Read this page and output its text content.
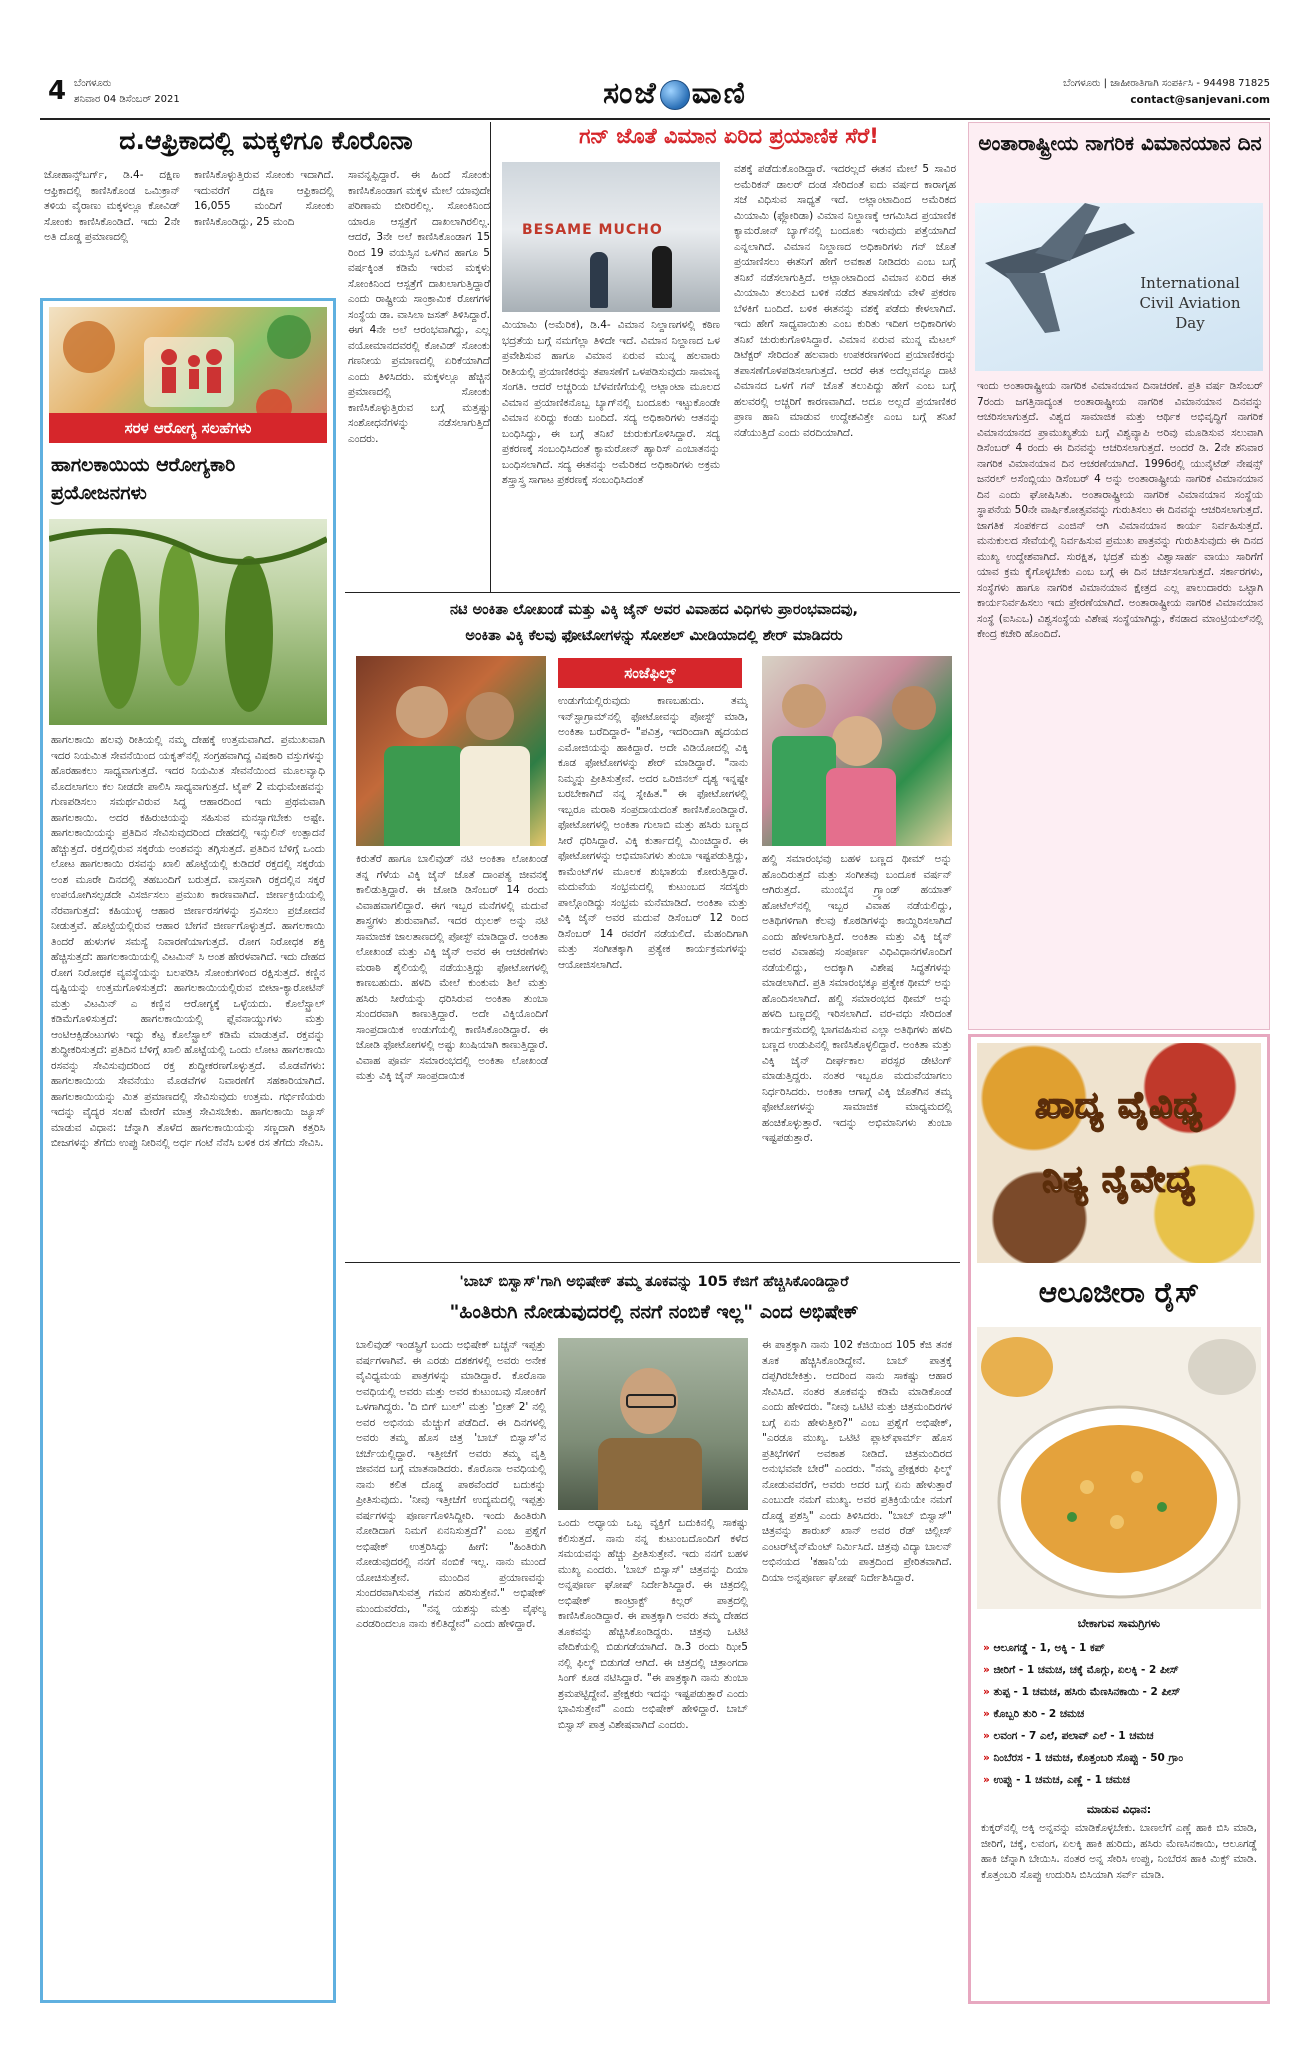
4 ಬೆಂಗಳೂರು
ಶನಿವಾರ 04 ಡಿಸೆಂಬರ್ 2021	ಸಂಜೆ ವಾಣಿ	ಬೆಂಗಳೂರು | ಜಾಹೀರಾತಿಗಾಗಿ ಸಂಪರ್ಕಿಸಿ - 94498 71825
contact@sanjevani.com
ದ.ಆಫ್ರಿಕಾದಲ್ಲಿ ಮಕ್ಕಳಿಗೂ ಕೊರೊನಾ
ಜೋಹಾನ್ಸ್‌ಬರ್ಗ್, ಡಿ.4- ದಕ್ಷಿಣ ಆಫ್ರಿಕಾದಲ್ಲಿ ಕಾಣಿಸಿಕೊಂಡ ಒಮಿಕ್ರಾನ್ ತಳಿಯ ವೈರಾಣು ಮಕ್ಕಳಲ್ಲೂ ಕೋವಿಡ್ ಸೋಂಕು ಕಾಣಿಸಿಕೊಂಡಿದೆ. ಇದು 2ನೇ ಅತಿ ದೊಡ್ಡ ಪ್ರಮಾಣದಲ್ಲಿ
ಕಾಣಿಸಿಕೊಳ್ಳುತ್ತಿರುವ ಸೋಂಕು ಇದಾಗಿದೆ. ಇದುವರೆಗೆ ದಕ್ಷಿಣ ಆಫ್ರಿಕಾದಲ್ಲಿ 16,055 ಮಂದಿಗೆ ಸೋಂಕು ಕಾಣಿಸಿಕೊಂಡಿದ್ದು, 25 ಮಂದಿ
ಸಾವನ್ನಪ್ಪಿದ್ದಾರೆ. ಈ ಹಿಂದೆ ಸೋಂಕು ಕಾಣಿಸಿಕೊಂಡಾಗ ಮಕ್ಕಳ ಮೇಲೆ ಯಾವುದೇ ಪರಿಣಾಮ ಬೀರಿರಲಿಲ್ಲ. ಸೋಂಕಿನಿಂದ ಯಾರೂ ಆಸ್ಪತ್ರೆಗೆ ದಾಖಲಾಗಿರಲಿಲ್ಲ. ಆದರೆ, 3ನೇ ಅಲೆ ಕಾಣಿಸಿಕೊಂಡಾಗ 15 ರಿಂದ 19 ವಯಸ್ಸಿನ ಒಳಗಿನ ಹಾಗೂ 5 ವರ್ಷಕ್ಕಿಂತ ಕಡಿಮೆ ಇರುವ ಮಕ್ಕಳು ಸೋಂಕಿನಿಂದ ಆಸ್ಪತ್ರೆಗೆ ದಾಖಲಾಗುತ್ತಿದ್ದಾರೆ ಎಂದು ರಾಷ್ಟ್ರೀಯ ಸಾಂಕ್ರಾಮಿಕ ರೋಗಗಳ ಸಂಸ್ಥೆಯ ಡಾ. ವಾಸಿಲಾ ಜಸತ್ ತಿಳಿಸಿದ್ದಾರೆ. ಈಗ 4ನೇ ಅಲೆ ಆರಂಭವಾಗಿದ್ದು, ಎಲ್ಲ ವಯೋಮಾನದವರಲ್ಲಿ ಕೋವಿಡ್ ಸೋಂಕು ಗಣನೀಯ ಪ್ರಮಾಣದಲ್ಲಿ ಏರಿಕೆಯಾಗಿದೆ ಎಂದು ತಿಳಿಸಿದರು. ಮಕ್ಕಳಲ್ಲೂ ಹೆಚ್ಚಿನ ಪ್ರಮಾಣದಲ್ಲಿ ಸೋಂಕು ಕಾಣಿಸಿಕೊಳ್ಳುತ್ತಿರುವ ಬಗ್ಗೆ ಮತ್ತಷ್ಟು ಸಂಶೋಧನೆಗಳನ್ನು ನಡೆಸಲಾಗುತ್ತಿದೆ ಎಂದರು.
ಸರಳ ಆರೋಗ್ಯ ಸಲಹೆಗಳು
ಹಾಗಲಕಾಯಿಯ ಆರೋಗ್ಯಕಾರಿ ಪ್ರಯೋಜನಗಳು
ಹಾಗಲಕಾಯಿ ಹಲವು ರೀತಿಯಲ್ಲಿ ನಮ್ಮ ದೇಹಕ್ಕೆ ಉತ್ತಮವಾಗಿದೆ. ಪ್ರಮುಖವಾಗಿ ಇದರ ನಿಯಮಿತ ಸೇವನೆಯಿಂದ ಯಕೃತ್‌ನಲ್ಲಿ ಸಂಗ್ರಹವಾಗಿದ್ದ ವಿಷಕಾರಿ ವಸ್ತುಗಳನ್ನು ಹೊರಹಾಕಲು ಸಾಧ್ಯವಾಗುತ್ತದೆ. ಇದರ ನಿಯಮಿತ ಸೇವನೆಯಿಂದ ಮೂಲವ್ಯಾಧಿ ಮೊದಲಾಗಲು ಕಲ ನೀಡದೇ ಪಾಲಿಸಿ ಸಾಧ್ಯವಾಗುತ್ತದೆ. ಟೈಪ್ 2 ಮಧುಮೇಹವನ್ನು ಗುಣಪಡಿಸಲು ಸಮರ್ಥವಿರುವ ಸಿದ್ಧ ಆಹಾರದಿಂದ ಇದು ಪ್ರಥಮವಾಗಿ ಹಾಗಲಕಾಯಿ. ಅದರ ಕಹಿರುಚಿಯನ್ನು ಸಹಿಸುವ ಮನಸ್ಸಾಗಬೇಕು ಅಷ್ಟೇ. ಹಾಗಲಕಾಯಿಯನ್ನು ಪ್ರತಿದಿನ ಸೇವಿಸುವುದರಿಂದ ದೇಹದಲ್ಲಿ ಇನ್ಸುಲಿನ್ ಉತ್ಪಾದನೆ ಹೆಚ್ಚುತ್ತದೆ. ರಕ್ತದಲ್ಲಿರುವ ಸಕ್ಕರೆಯ ಅಂಶವನ್ನು ತಗ್ಗಿಸುತ್ತದೆ. ಪ್ರತಿದಿನ ಬೆಳಿಗ್ಗೆ ಒಂದು ಲೋಟ ಹಾಗಲಕಾಯಿ ರಸವನ್ನು ಖಾಲಿ ಹೊಟ್ಟೆಯಲ್ಲಿ ಕುಡಿದರೆ ರಕ್ತದಲ್ಲಿ ಸಕ್ಕರೆಯ ಅಂಶ ಮೂರೇ ದಿನದಲ್ಲಿ ತಹಬಂದಿಗೆ ಬರುತ್ತದೆ. ವಾಸ್ತವಾಗಿ ರಕ್ತದಲ್ಲಿನ ಸಕ್ಕರೆ ಉಪಯೋಗಿಸಲ್ಪಡದೇ ವಿಸರ್ಜಿಸಲು ಪ್ರಮುಖ ಕಾರಣವಾಗಿದೆ. ಜೀರ್ಣಕ್ರಿಯೆಯಲ್ಲಿ ನೆರವಾಗುತ್ತದೆ: ಕಹಿಯುಳ್ಳ ಆಹಾರ ಜೀರ್ಣರಸಗಳನ್ನು ಸ್ರವಿಸಲು ಪ್ರಚೋದನೆ ನೀಡುತ್ತವೆ. ಹೊಟ್ಟೆಯಲ್ಲಿರುವ ಆಹಾರ ಬೇಗನೆ ಜೀರ್ಣಗೊಳ್ಳುತ್ತದೆ. ಹಾಗಲಕಾಯಿ ತಿಂದರೆ ಹುಳುಗಳ ಸಮಸ್ಯೆ ನಿವಾರಣೆಯಾಗುತ್ತದೆ. ರೋಗ ನಿರೋಧಕ ಶಕ್ತಿ ಹೆಚ್ಚಿಸುತ್ತದೆ: ಹಾಗಲಕಾಯಿಯಲ್ಲಿ ವಿಟಮಿನ್ ಸಿ ಅಂಶ ಹೇರಳವಾಗಿದೆ. ಇದು ದೇಹದ ರೋಗ ನಿರೋಧಕ ವ್ಯವಸ್ಥೆಯನ್ನು ಬಲಪಡಿಸಿ ಸೋಂಕುಗಳಿಂದ ರಕ್ಷಿಸುತ್ತದೆ. ಕಣ್ಣಿನ ದೃಷ್ಟಿಯನ್ನು ಉತ್ತಮಗೊಳಿಸುತ್ತದೆ: ಹಾಗಲಕಾಯಿಯಲ್ಲಿರುವ ಬೀಟಾ-ಕ್ಯಾರೋಟಿನ್ ಮತ್ತು ವಿಟಮಿನ್ ಎ ಕಣ್ಣಿನ ಆರೋಗ್ಯಕ್ಕೆ ಒಳ್ಳೆಯದು. ಕೊಲೆಸ್ಟ್ರಾಲ್ ಕಡಿಮೆಗೊಳಿಸುತ್ತದೆ: ಹಾಗಲಕಾಯಿಯಲ್ಲಿ ಫ್ಲೆವನಾಯ್ಡುಗಳು ಮತ್ತು ಆಂಟಿಆಕ್ಸಿಡೆಂಟುಗಳು ಇದ್ದು ಕೆಟ್ಟ ಕೊಲೆಸ್ಟ್ರಾಲ್ ಕಡಿಮೆ ಮಾಡುತ್ತವೆ. ರಕ್ತವನ್ನು ಶುದ್ಧೀಕರಿಸುತ್ತದೆ: ಪ್ರತಿದಿನ ಬೆಳಿಗ್ಗೆ ಖಾಲಿ ಹೊಟ್ಟೆಯಲ್ಲಿ ಒಂದು ಲೋಟ ಹಾಗಲಕಾಯಿ ರಸವನ್ನು ಸೇವಿಸುವುದರಿಂದ ರಕ್ತ ಶುದ್ಧೀಕರಣಗೊಳ್ಳುತ್ತದೆ. ಮೊಡವೆಗಳು: ಹಾಗಲಕಾಯಿಯ ಸೇವನೆಯು ಮೊಡವೆಗಳ ನಿವಾರಣೆಗೆ ಸಹಕಾರಿಯಾಗಿದೆ. ಹಾಗಲಕಾಯಿಯನ್ನು ಮಿತ ಪ್ರಮಾಣದಲ್ಲಿ ಸೇವಿಸುವುದು ಉತ್ತಮ. ಗರ್ಭಿಣಿಯರು ಇದನ್ನು ವೈದ್ಯರ ಸಲಹೆ ಮೇರೆಗೆ ಮಾತ್ರ ಸೇವಿಸಬೇಕು. ಹಾಗಲಕಾಯಿ ಜ್ಯೂಸ್ ಮಾಡುವ ವಿಧಾನ: ಚೆನ್ನಾಗಿ ತೊಳೆದ ಹಾಗಲಕಾಯಿಯನ್ನು ಸಣ್ಣದಾಗಿ ಕತ್ತರಿಸಿ ಬೀಜಗಳನ್ನು ತೆಗೆದು ಉಪ್ಪು ನೀರಿನಲ್ಲಿ ಅರ್ಧ ಗಂಟೆ ನೆನೆಸಿ ಬಳಿಕ ರಸ ತೆಗೆದು ಸೇವಿಸಿ.
ಗನ್ ಜೊತೆ ವಿಮಾನ ಏರಿದ ಪ್ರಯಾಣಿಕ ಸೆರೆ!
BESAME MUCHO
ಮಿಯಾಮಿ (ಅಮೆರಿಕ), ಡಿ.4- ವಿಮಾನ ನಿಲ್ದಾಣಗಳಲ್ಲಿ ಕಠಿಣ ಭದ್ರತೆಯ ಬಗ್ಗೆ ನಮಗೆಲ್ಲಾ ತಿಳಿದೇ ಇದೆ. ವಿಮಾನ ನಿಲ್ದಾಣದ ಒಳ ಪ್ರವೇಶಿಸುವ ಹಾಗೂ ವಿಮಾನ ಏರುವ ಮುನ್ನ ಹಲವಾರು ರೀತಿಯಲ್ಲಿ ಪ್ರಯಾಣಿಕರನ್ನು ತಪಾಸಣೆಗೆ ಒಳಪಡಿಸುವುದು ಸಾಮಾನ್ಯ ಸಂಗತಿ. ಆದರೆ ಅಚ್ಚರಿಯ ಬೆಳವಣಿಗೆಯಲ್ಲಿ ಅಟ್ಲಾಂಟಾ ಮೂಲದ ವಿಮಾನ ಪ್ರಯಾಣಿಕನೊಬ್ಬ ಬ್ಯಾಗ್‌ನಲ್ಲಿ ಬಂದೂಕು ಇಟ್ಟುಕೊಂಡೇ ವಿಮಾನ ಏರಿದ್ದು ಕಂಡು ಬಂದಿದೆ. ಸದ್ಯ ಅಧಿಕಾರಿಗಳು ಆತನನ್ನು ಬಂಧಿಸಿದ್ದು, ಈ ಬಗ್ಗೆ ತನಿಖೆ ಚುರುಕುಗೊಳಿಸಿದ್ದಾರೆ. ಸದ್ಯ ಪ್ರಕರಣಕ್ಕೆ ಸಂಬಂಧಿಸಿದಂತೆ ಕ್ಯಾಮರೋನ್ ಹ್ಯಾರಿಸ್ ಎಂಬಾತನನ್ನು ಬಂಧಿಸಲಾಗಿದೆ. ಸದ್ಯ ಈತನನ್ನು ಅಮೆರಿಕದ ಅಧಿಕಾರಿಗಳು ಅಕ್ರಮ ಶಸ್ತ್ರಾಸ್ತ್ರ ಸಾಗಾಟ ಪ್ರಕರಣಕ್ಕೆ ಸಂಬಂಧಿಸಿದಂತೆ
ವಶಕ್ಕೆ ಪಡೆದುಕೊಂಡಿದ್ದಾರೆ. ಇದರಲ್ಲದೆ ಈತನ ಮೇಲೆ 5 ಸಾವಿರ ಅಮೆರಿಕನ್ ಡಾಲರ್ ದಂಡ ಸೇರಿದಂತೆ ಐದು ವರ್ಷದ ಕಾರಾಗೃಹ ಸಜೆ ವಿಧಿಸುವ ಸಾಧ್ಯತೆ ಇದೆ. ಅಟ್ಲಾಂಟಾದಿಂದ ಅಮೆರಿಕದ ಮಿಯಾಮಿ (ಫ್ಲೋರಿಡಾ) ವಿಮಾನ ನಿಲ್ದಾಣಕ್ಕೆ ಆಗಮಿಸಿದ ಪ್ರಯಾಣಿಕ ಕ್ಯಾಮರೋನ್ ಬ್ಯಾಗ್‌ನಲ್ಲಿ ಬಂದೂಕು ಇರುವುದು ಪತ್ತೆಯಾಗಿದೆ ಎನ್ನಲಾಗಿದೆ. ವಿಮಾನ ನಿಲ್ದಾಣದ ಅಧಿಕಾರಿಗಳು ಗನ್ ಜೊತೆ ಪ್ರಯಾಣಿಸಲು ಈತನಿಗೆ ಹೇಗೆ ಅವಕಾಶ ನೀಡಿದರು ಎಂಬ ಬಗ್ಗೆ ತನಿಖೆ ನಡೆಸಲಾಗುತ್ತಿದೆ. ಅಟ್ಲಾಂಟಾದಿಂದ ವಿಮಾನ ಏರಿದ ಈತ ಮಿಯಾಮಿ ತಲುಪಿದ ಬಳಿಕ ನಡೆದ ತಪಾಸಣೆಯ ವೇಳೆ ಪ್ರಕರಣ ಬೆಳಕಿಗೆ ಬಂದಿದೆ. ಬಳಿಕ ಈತನನ್ನು ವಶಕ್ಕೆ ಪಡೆದು ಕೇಳಲಾಗಿದೆ. ಇದು ಹೇಗೆ ಸಾಧ್ಯವಾಯಿತು ಎಂಬ ಕುರಿತು ಇದೀಗ ಅಧಿಕಾರಿಗಳು ತನಿಖೆ ಚುರುಕುಗೊಳಿಸಿದ್ದಾರೆ. ವಿಮಾನ ಏರುವ ಮುನ್ನ ಮೆಟಲ್ ಡಿಟೆಕ್ಟರ್ ಸೇರಿದಂತೆ ಹಲವಾರು ಉಪಕರಣಗಳಿಂದ ಪ್ರಯಾಣಿಕರನ್ನು ತಪಾಸಣೆಗೊಳಪಡಿಸಲಾಗುತ್ತದೆ. ಆದರೆ ಈತ ಅದೆಲ್ಲವನ್ನೂ ದಾಟಿ ವಿಮಾನದ ಒಳಗೆ ಗನ್ ಜೊತೆ ತಲುಪಿದ್ದು ಹೇಗೆ ಎಂಬ ಬಗ್ಗೆ ಹಲವರಲ್ಲಿ ಅಚ್ಚರಿಗೆ ಕಾರಣವಾಗಿದೆ. ಅದೂ ಅಲ್ಲದೆ ಪ್ರಯಾಣಿಕರ ಪ್ರಾಣ ಹಾನಿ ಮಾಡುವ ಉದ್ದೇಶವಿತ್ತೇ ಎಂಬ ಬಗ್ಗೆ ತನಿಖೆ ನಡೆಯುತ್ತಿದೆ ಎಂದು ವರದಿಯಾಗಿದೆ.
ಅಂತಾರಾಷ್ಟ್ರೀಯ ನಾಗರಿಕ ವಿಮಾನಯಾನ ದಿನ
International Civil Aviation Day
ಇಂದು ಅಂತಾರಾಷ್ಟ್ರೀಯ ನಾಗರಿಕ ವಿಮಾನಯಾನ ದಿನಾಚರಣೆ. ಪ್ರತಿ ವರ್ಷ ಡಿಸೆಂಬರ್ 7ರಂದು ಜಗತ್ತಿನಾದ್ಯಂತ ಅಂತಾರಾಷ್ಟ್ರೀಯ ನಾಗರಿಕ ವಿಮಾನಯಾನ ದಿನವನ್ನು ಆಚರಿಸಲಾಗುತ್ತದೆ. ವಿಶ್ವದ ಸಾಮಾಜಿಕ ಮತ್ತು ಆರ್ಥಿಕ ಅಭಿವೃದ್ಧಿಗೆ ನಾಗರಿಕ ವಿಮಾನಯಾನದ ಪ್ರಾಮುಖ್ಯತೆಯ ಬಗ್ಗೆ ವಿಶ್ವವ್ಯಾಪಿ ಅರಿವು ಮೂಡಿಸುವ ಸಲುವಾಗಿ ಡಿಸೆಂಬರ್ 4 ರಂದು ಈ ದಿನವನ್ನು ಆಚರಿಸಲಾಗುತ್ತದೆ. ಅಂದರೆ ಡಿ. 2ನೇ ಶನಿವಾರ ನಾಗರಿಕ ವಿಮಾನಯಾನ ದಿನ ಆಚರಣೆಯಾಗಿದೆ. 1996ರಲ್ಲಿ ಯುನೈಟೆಡ್ ನೇಷನ್ಸ್ ಜನರಲ್ ಅಸೆಂಬ್ಲಿಯು ಡಿಸೆಂಬರ್ 4 ಅನ್ನು ಅಂತಾರಾಷ್ಟ್ರೀಯ ನಾಗರಿಕ ವಿಮಾನಯಾನ ದಿನ ಎಂದು ಘೋಷಿಸಿತು. ಅಂತಾರಾಷ್ಟ್ರೀಯ ನಾಗರಿಕ ವಿಮಾನಯಾನ ಸಂಸ್ಥೆಯ ಸ್ಥಾಪನೆಯ 50ನೇ ವಾರ್ಷಿಕೋತ್ಸವವನ್ನು ಗುರುತಿಸಲು ಈ ದಿನವನ್ನು ಆಚರಿಸಲಾಗುತ್ತದೆ. ಜಾಗತಿಕ ಸಂಪರ್ಕದ ಎಂಜಿನ್ ಆಗಿ ವಿಮಾನಯಾನ ಕಾರ್ಯ ನಿರ್ವಹಿಸುತ್ತದೆ. ಮನುಕುಲದ ಸೇವೆಯಲ್ಲಿ ನಿರ್ವಹಿಸುವ ಪ್ರಮುಖ ಪಾತ್ರವನ್ನು ಗುರುತಿಸುವುದು ಈ ದಿನದ ಮುಖ್ಯ ಉದ್ದೇಶವಾಗಿದೆ. ಸುರಕ್ಷಿತ, ಭದ್ರತೆ ಮತ್ತು ವಿಶ್ವಾಸಾರ್ಹ ವಾಯು ಸಾರಿಗೆಗೆ ಯಾವ ಕ್ರಮ ಕೈಗೊಳ್ಳಬೇಕು ಎಂಬ ಬಗ್ಗೆ ಈ ದಿನ ಚರ್ಚಿಸಲಾಗುತ್ತದೆ. ಸರ್ಕಾರಗಳು, ಸಂಸ್ಥೆಗಳು ಹಾಗೂ ನಾಗರಿಕ ವಿಮಾನಯಾನ ಕ್ಷೇತ್ರದ ಎಲ್ಲ ಪಾಲುದಾರರು ಒಟ್ಟಾಗಿ ಕಾರ್ಯನಿರ್ವಹಿಸಲು ಇದು ಪ್ರೇರಣೆಯಾಗಿದೆ. ಅಂತಾರಾಷ್ಟ್ರೀಯ ನಾಗರಿಕ ವಿಮಾನಯಾನ ಸಂಸ್ಥೆ (ಐಸಿಎಒ) ವಿಶ್ವಸಂಸ್ಥೆಯ ವಿಶೇಷ ಸಂಸ್ಥೆಯಾಗಿದ್ದು, ಕೆನಡಾದ ಮಾಂಟ್ರಿಯಲ್‌ನಲ್ಲಿ ಕೇಂದ್ರ ಕಚೇರಿ ಹೊಂದಿದೆ.
ನಟಿ ಅಂಕಿತಾ ಲೋಖಂಡೆ ಮತ್ತು ವಿಕ್ಕಿ ಜೈನ್ ಅವರ ವಿವಾಹದ ವಿಧಿಗಳು ಪ್ರಾರಂಭವಾದವು,
ಅಂಕಿತಾ ವಿಕ್ಕಿ ಕೆಲವು ಫೋಟೋಗಳನ್ನು ಸೋಶಲ್ ಮೀಡಿಯಾದಲ್ಲಿ ಶೇರ್ ಮಾಡಿದರು
ಸಂಜೆಫಿಲ್ಮ್
ಕಿರುತೆರೆ ಹಾಗೂ ಬಾಲಿವುಡ್ ನಟಿ ಅಂಕಿತಾ ಲೋಖಂಡೆ ತನ್ನ ಗೆಳೆಯ ವಿಕ್ಕಿ ಜೈನ್ ಜೊತೆ ದಾಂಪತ್ಯ ಜೀವನಕ್ಕೆ ಕಾಲಿಡುತ್ತಿದ್ದಾರೆ. ಈ ಜೋಡಿ ಡಿಸೆಂಬರ್ 14 ರಂದು ವಿವಾಹವಾಗಲಿದ್ದಾರೆ. ಈಗ ಇಬ್ಬರ ಮನೆಗಳಲ್ಲಿ ಮದುವೆ ಶಾಸ್ತ್ರಗಳು ಶುರುವಾಗಿವೆ. ಇದರ ಝಲಕ್ ಅನ್ನು ನಟಿ ಸಾಮಾಜಿಕ ಜಾಲತಾಣದಲ್ಲಿ ಪೋಸ್ಟ್ ಮಾಡಿದ್ದಾರೆ. ಅಂಕಿತಾ ಲೋಖಂಡೆ ಮತ್ತು ವಿಕ್ಕಿ ಜೈನ್ ಅವರ ಈ ಆಚರಣೆಗಳು ಮರಾಠಿ ಶೈಲಿಯಲ್ಲಿ ನಡೆಯುತ್ತಿದ್ದು ಫೋಟೋಗಳಲ್ಲಿ ಕಾಣಬಹುದು. ಹಳದಿ ಮೇಲೆ ಕುಂಕುಮ ಶಿಲೆ ಮತ್ತು ಹಸಿರು ಸೀರೆಯನ್ನು ಧರಿಸಿರುವ ಅಂಕಿತಾ ತುಂಬಾ ಸುಂದರವಾಗಿ ಕಾಣುತ್ತಿದ್ದಾರೆ. ಅದೇ ವಿಕ್ಕಿಯೊಂದಿಗೆ ಸಾಂಪ್ರದಾಯಿಕ ಉಡುಗೆಯಲ್ಲಿ ಕಾಣಿಸಿಕೊಂಡಿದ್ದಾರೆ. ಈ ಜೋಡಿ ಫೋಟೋಗಳಲ್ಲಿ ಅಷ್ಟು ಖುಷಿಯಾಗಿ ಕಾಣುತ್ತಿದ್ದಾರೆ. ವಿವಾಹ ಪೂರ್ವ ಸಮಾರಂಭದಲ್ಲಿ ಅಂಕಿತಾ ಲೋಖಂಡೆ ಮತ್ತು ವಿಕ್ಕಿ ಜೈನ್ ಸಾಂಪ್ರದಾಯಿಕ
ಉಡುಗೆಯಲ್ಲಿರುವುದು ಕಾಣಬಹುದು. ತಮ್ಮ ಇನ್‌ಸ್ಟಾಗ್ರಾಮ್‌ನಲ್ಲಿ ಫೋಟೋವನ್ನು ಪೋಸ್ಟ್ ಮಾಡಿ, ಅಂಕಿತಾ ಬರೆದಿದ್ದಾರೆ- "ಪವಿತ್ರ, ಇದರಿಂದಾಗಿ ಹೃದಯದ ಎಮೋಜಿಯನ್ನು ಹಾಕಿದ್ದಾರೆ. ಅದೇ ವಿಡಿಯೋದಲ್ಲಿ ವಿಕ್ಕಿ ಕೂಡ ಫೋಟೋಗಳನ್ನು ಶೇರ್ ಮಾಡಿದ್ದಾರೆ. "ನಾನು ನಿಮ್ಮನ್ನು ಪ್ರೀತಿಸುತ್ತೇನೆ. ಅದರ ಒರಿಜಿನಲ್ ದೃಶ್ಯ ಇನ್ನಷ್ಟೇ ಬರಬೇಕಾಗಿದೆ ನನ್ನ ಸ್ನೇಹಿತ." ಈ ಫೋಟೋಗಳಲ್ಲಿ ಇಬ್ಬರೂ ಮರಾಠಿ ಸಂಪ್ರದಾಯದಂತೆ ಕಾಣಿಸಿಕೊಂಡಿದ್ದಾರೆ. ಫೋಟೋಗಳಲ್ಲಿ ಅಂಕಿತಾ ಗುಲಾಬಿ ಮತ್ತು ಹಸಿರು ಬಣ್ಣದ ಸೀರೆ ಧರಿಸಿದ್ದಾರೆ. ವಿಕ್ಕಿ ಕುರ್ತಾದಲ್ಲಿ ಮಿಂಚಿದ್ದಾರೆ. ಈ ಫೋಟೋಗಳನ್ನು ಅಭಿಮಾನಿಗಳು ತುಂಬಾ ಇಷ್ಟಪಡುತ್ತಿದ್ದು, ಕಾಮೆಂಟ್‌ಗಳ ಮೂಲಕ ಶುಭಾಶಯ ಕೋರುತ್ತಿದ್ದಾರೆ. ಮದುವೆಯ ಸಂಭ್ರಮದಲ್ಲಿ ಕುಟುಂಬದ ಸದಸ್ಯರು ಪಾಲ್ಗೊಂಡಿದ್ದು ಸಂಭ್ರಮ ಮನೆಮಾಡಿದೆ. ಅಂಕಿತಾ ಮತ್ತು ವಿಕ್ಕಿ ಜೈನ್ ಅವರ ಮದುವೆ ಡಿಸೆಂಬರ್ 12 ರಿಂದ ಡಿಸೆಂಬರ್ 14 ರವರೆಗೆ ನಡೆಯಲಿದೆ. ಮೆಹಂದಿಗಾಗಿ ಮತ್ತು ಸಂಗೀತಕ್ಕಾಗಿ ಪ್ರತ್ಯೇಕ ಕಾರ್ಯಕ್ರಮಗಳನ್ನು ಆಯೋಜಿಸಲಾಗಿದೆ.
ಹಲ್ದಿ ಸಮಾರಂಭವು ಬಹಳ ಬಣ್ಣದ ಥೀಮ್ ಅನ್ನು ಹೊಂದಿರುತ್ತದೆ ಮತ್ತು ಸಂಗೀತವು ಬಂದೂಕ ವರ್ಷನ್ ಆಗಿರುತ್ತದೆ. ಮುಂಬೈನ ಗ್ರ್ಯಾಂಡ್ ಹಯಾತ್ ಹೋಟೆಲ್‌ನಲ್ಲಿ ಇಬ್ಬರ ವಿವಾಹ ನಡೆಯಲಿದ್ದು, ಅತಿಥಿಗಳಿಗಾಗಿ ಕೆಲವು ಕೊಠಡಿಗಳನ್ನು ಕಾಯ್ದಿರಿಸಲಾಗಿದೆ ಎಂದು ಹೇಳಲಾಗುತ್ತಿದೆ. ಅಂಕಿತಾ ಮತ್ತು ವಿಕ್ಕಿ ಜೈನ್ ಅವರ ವಿವಾಹವು ಸಂಪೂರ್ಣ ವಿಧಿವಿಧಾನಗಳೊಂದಿಗೆ ನಡೆಯಲಿದ್ದು, ಅದಕ್ಕಾಗಿ ವಿಶೇಷ ಸಿದ್ಧತೆಗಳನ್ನು ಮಾಡಲಾಗಿದೆ. ಪ್ರತಿ ಸಮಾರಂಭಕ್ಕೂ ಪ್ರತ್ಯೇಕ ಥೀಮ್ ಅನ್ನು ಹೊಂದಿಸಲಾಗಿದೆ. ಹಲ್ದಿ ಸಮಾರಂಭದ ಥೀಮ್ ಅನ್ನು ಹಳದಿ ಬಣ್ಣದಲ್ಲಿ ಇರಿಸಲಾಗಿದೆ. ವರ-ವಧು ಸೇರಿದಂತೆ ಕಾರ್ಯಕ್ರಮದಲ್ಲಿ ಭಾಗವಹಿಸುವ ಎಲ್ಲಾ ಅತಿಥಿಗಳು ಹಳದಿ ಬಣ್ಣದ ಉಡುಪಿನಲ್ಲಿ ಕಾಣಿಸಿಕೊಳ್ಳಲಿದ್ದಾರೆ. ಅಂಕಿತಾ ಮತ್ತು ವಿಕ್ಕಿ ಜೈನ್ ದೀರ್ಘಕಾಲ ಪರಸ್ಪರ ಡೇಟಿಂಗ್ ಮಾಡುತ್ತಿದ್ದರು. ನಂತರ ಇಬ್ಬರೂ ಮದುವೆಯಾಗಲು ನಿರ್ಧರಿಸಿದರು. ಅಂಕಿತಾ ಆಗಾಗ್ಗೆ ವಿಕ್ಕಿ ಜೊತೆಗಿನ ತಮ್ಮ ಫೋಟೋಗಳನ್ನು ಸಾಮಾಜಿಕ ಮಾಧ್ಯಮದಲ್ಲಿ ಹಂಚಿಕೊಳ್ಳುತ್ತಾರೆ. ಇದನ್ನು ಅಭಿಮಾನಿಗಳು ತುಂಬಾ ಇಷ್ಟಪಡುತ್ತಾರೆ.
'ಬಾಬ್ ಬಿಸ್ವಾಸ್'ಗಾಗಿ ಅಭಿಷೇಕ್ ತಮ್ಮ ತೂಕವನ್ನು 105 ಕೆಜಿಗೆ ಹೆಚ್ಚಿಸಿಕೊಂಡಿದ್ದಾರೆ
"ಹಿಂತಿರುಗಿ ನೋಡುವುದರಲ್ಲಿ ನನಗೆ ನಂಬಿಕೆ ಇಲ್ಲ" ಎಂದ ಅಭಿಷೇಕ್
ಬಾಲಿವುಡ್ ಇಂಡಸ್ಟ್ರಿಗೆ ಬಂದು ಅಭಿಷೇಕ್ ಬಚ್ಚನ್ ಇಪ್ಪತ್ತು ವರ್ಷಗಳಾಗಿವೆ. ಈ ಎರಡು ದಶಕಗಳಲ್ಲಿ ಅವರು ಅನೇಕ ವೈವಿಧ್ಯಮಯ ಪಾತ್ರಗಳನ್ನು ಮಾಡಿದ್ದಾರೆ. ಕೊರೊನಾ ಅವಧಿಯಲ್ಲಿ ಅವರು ಮತ್ತು ಅವರ ಕುಟುಂಬವು ಸೋಂಕಿಗೆ ಒಳಗಾಗಿದ್ದರು. 'ದಿ ಬಿಗ್ ಬುಲ್' ಮತ್ತು 'ಬ್ರೀತ್ 2' ನಲ್ಲಿ ಅವರ ಅಭಿನಯ ಮೆಚ್ಚುಗೆ ಪಡೆದಿದೆ. ಈ ದಿನಗಳಲ್ಲಿ ಅವರು ತಮ್ಮ ಹೊಸ ಚಿತ್ರ 'ಬಾಬ್ ಬಿಸ್ವಾಸ್'ನ ಚರ್ಚೆಯಲ್ಲಿದ್ದಾರೆ. ಇತ್ತೀಚೆಗೆ ಅವರು ತಮ್ಮ ವೃತ್ತಿ ಜೀವನದ ಬಗ್ಗೆ ಮಾತನಾಡಿದರು. ಕೊರೊನಾ ಅವಧಿಯಲ್ಲಿ ನಾನು ಕಲಿತ ದೊಡ್ಡ ಪಾಠವೆಂದರೆ ಬದುಕನ್ನು ಪ್ರೀತಿಸುವುದು. 'ನೀವು ಇತ್ತೀಚೆಗೆ ಉದ್ಯಮದಲ್ಲಿ ಇಪ್ಪತ್ತು ವರ್ಷಗಳನ್ನು ಪೂರ್ಣಗೊಳಿಸಿದ್ದೀರಿ. ಇಂದು ಹಿಂತಿರುಗಿ ನೋಡಿದಾಗ ನಿಮಗೆ ಏನನಿಸುತ್ತದೆ?' ಎಂಬ ಪ್ರಶ್ನೆಗೆ ಅಭಿಷೇಕ್ ಉತ್ತರಿಸಿದ್ದು ಹೀಗೆ: "ಹಿಂತಿರುಗಿ ನೋಡುವುದರಲ್ಲಿ ನನಗೆ ನಂಬಿಕೆ ಇಲ್ಲ. ನಾನು ಮುಂದೆ ಯೋಚಿಸುತ್ತೇನೆ. ಮುಂದಿನ ಪ್ರಯಾಣವನ್ನು ಸುಂದರವಾಗಿಸುವತ್ತ ಗಮನ ಹರಿಸುತ್ತೇನೆ." ಅಭಿಷೇಕ್ ಮುಂದುವರೆದು, "ನನ್ನ ಯಶಸ್ಸು ಮತ್ತು ವೈಫಲ್ಯ ಎರಡರಿಂದಲೂ ನಾನು ಕಲಿತಿದ್ದೇನೆ" ಎಂದು ಹೇಳಿದ್ದಾರೆ.
ಒಂದು ಅಧ್ಯಾಯ ಒಬ್ಬ ವ್ಯಕ್ತಿಗೆ ಬದುಕಿನಲ್ಲಿ ಸಾಕಷ್ಟು ಕಲಿಸುತ್ತದೆ. ನಾನು ನನ್ನ ಕುಟುಂಬದೊಂದಿಗೆ ಕಳೆದ ಸಮಯವನ್ನು ಹೆಚ್ಚು ಪ್ರೀತಿಸುತ್ತೇನೆ. ಇದು ನನಗೆ ಬಹಳ ಮುಖ್ಯ ಎಂದರು. 'ಬಾಬ್ ಬಿಸ್ವಾಸ್' ಚಿತ್ರವನ್ನು ದಿಯಾ ಅನ್ನಪೂರ್ಣ ಘೋಷ್ ನಿರ್ದೇಶಿಸಿದ್ದಾರೆ. ಈ ಚಿತ್ರದಲ್ಲಿ ಅಭಿಷೇಕ್ ಕಾಂಟ್ರಾಕ್ಟ್ ಕಿಲ್ಲರ್ ಪಾತ್ರದಲ್ಲಿ ಕಾಣಿಸಿಕೊಂಡಿದ್ದಾರೆ. ಈ ಪಾತ್ರಕ್ಕಾಗಿ ಅವರು ತಮ್ಮ ದೇಹದ ತೂಕವನ್ನು ಹೆಚ್ಚಿಸಿಕೊಂಡಿದ್ದರು. ಚಿತ್ರವು ಒಟಿಟಿ ವೇದಿಕೆಯಲ್ಲಿ ಬಿಡುಗಡೆಯಾಗಿದೆ. ಡಿ.3 ರಂದು ಝೀ5 ನಲ್ಲಿ ಫಿಲ್ಮ್ ಬಿಡುಗಡೆ ಆಗಿದೆ. ಈ ಚಿತ್ರದಲ್ಲಿ ಚಿತ್ರಾಂಗದಾ ಸಿಂಗ್ ಕೂಡ ನಟಿಸಿದ್ದಾರೆ. "ಈ ಪಾತ್ರಕ್ಕಾಗಿ ನಾನು ತುಂಬಾ ಶ್ರಮಪಟ್ಟಿದ್ದೇನೆ. ಪ್ರೇಕ್ಷಕರು ಇದನ್ನು ಇಷ್ಟಪಡುತ್ತಾರೆ ಎಂದು ಭಾವಿಸುತ್ತೇನೆ" ಎಂದು ಅಭಿಷೇಕ್ ಹೇಳಿದ್ದಾರೆ. ಬಾಬ್ ಬಿಸ್ವಾಸ್ ಪಾತ್ರ ವಿಶೇಷವಾಗಿದೆ ಎಂದರು.
ಈ ಪಾತ್ರಕ್ಕಾಗಿ ನಾನು 102 ಕೆಜಿಯಿಂದ 105 ಕೆಜಿ ತನಕ ತೂಕ ಹೆಚ್ಚಿಸಿಕೊಂಡಿದ್ದೇನೆ. ಬಾಬ್ ಪಾತ್ರಕ್ಕೆ ದಪ್ಪಗಿರಬೇಕಿತ್ತು. ಅದರಿಂದ ನಾನು ಸಾಕಷ್ಟು ಆಹಾರ ಸೇವಿಸಿದೆ. ನಂತರ ತೂಕವನ್ನು ಕಡಿಮೆ ಮಾಡಿಕೊಂಡೆ ಎಂದು ಹೇಳಿದರು. "ನೀವು ಒಟಿಟಿ ಮತ್ತು ಚಿತ್ರಮಂದಿರಗಳ ಬಗ್ಗೆ ಏನು ಹೇಳುತ್ತೀರಿ?" ಎಂಬ ಪ್ರಶ್ನೆಗೆ ಅಭಿಷೇಕ್, "ಎರಡೂ ಮುಖ್ಯ. ಒಟಿಟಿ ಪ್ಲಾಟ್‌ಫಾರ್ಮ್ ಹೊಸ ಪ್ರತಿಭೆಗಳಿಗೆ ಅವಕಾಶ ನೀಡಿದೆ. ಚಿತ್ರಮಂದಿರದ ಅನುಭವವೇ ಬೇರೆ" ಎಂದರು. "ನಮ್ಮ ಪ್ರೇಕ್ಷಕರು ಫಿಲ್ಮ್ ನೋಡುವವರೆಗೆ, ಅವರು ಅದರ ಬಗ್ಗೆ ಏನು ಹೇಳುತ್ತಾರೆ ಎಂಬುದೇ ನಮಗೆ ಮುಖ್ಯ. ಅವರ ಪ್ರತಿಕ್ರಿಯೆಯೇ ನಮಗೆ ದೊಡ್ಡ ಪ್ರಶಸ್ತಿ" ಎಂದು ತಿಳಿಸಿದರು. "ಬಾಬ್ ಬಿಸ್ವಾಸ್" ಚಿತ್ರವನ್ನು ಶಾರುಖ್ ಖಾನ್ ಅವರ ರೆಡ್ ಚಿಲ್ಲೀಸ್ ಎಂಟರ್‌ಟೈನ್‌ಮೆಂಟ್ ನಿರ್ಮಿಸಿದೆ. ಚಿತ್ರವು ವಿದ್ಯಾ ಬಾಲನ್ ಅಭಿನಯದ 'ಕಹಾನಿ'ಯ ಪಾತ್ರದಿಂದ ಪ್ರೇರಿತವಾಗಿದೆ. ದಿಯಾ ಅನ್ನಪೂರ್ಣ ಘೋಷ್ ನಿರ್ದೇಶಿಸಿದ್ದಾರೆ.
ಖಾದ್ಯ ವೈವಿಧ್ಯ
ನಿತ್ಯ ನೈವೇದ್ಯ
ಆಲೂಜೀರಾ ರೈಸ್
ಬೇಕಾಗುವ ಸಾಮಗ್ರಿಗಳು
» ಆಲೂಗಡ್ಡೆ - 1, ಅಕ್ಕಿ - 1 ಕಪ್
» ಜೀರಿಗೆ - 1 ಚಮಚ, ಚಕ್ಕೆ ಮೊಗ್ಗು, ಏಲಕ್ಕಿ - 2 ಪೀಸ್
» ತುಪ್ಪ - 1 ಚಮಚ, ಹಸಿರು ಮೆಣಸಿನಕಾಯಿ - 2 ಪೀಸ್
» ಕೊಬ್ಬರಿ ತುರಿ - 2 ಚಮಚ
» ಲವಂಗ - 7 ಎಲೆ, ಪಲಾವ್ ಎಲೆ - 1 ಚಮಚ
» ನಿಂಬೆರಸ - 1 ಚಮಚ, ಕೊತ್ತಂಬರಿ ಸೊಪ್ಪು - 50 ಗ್ರಾಂ
» ಉಪ್ಪು - 1 ಚಮಚ, ಎಣ್ಣೆ - 1 ಚಮಚ
ಮಾಡುವ ವಿಧಾನ:
ಕುಕ್ಕರ್‌ನಲ್ಲಿ ಅಕ್ಕಿ ಅನ್ನವನ್ನು ಮಾಡಿಕೊಳ್ಳಬೇಕು. ಬಾಣಲೆಗೆ ಎಣ್ಣೆ ಹಾಕಿ ಬಿಸಿ ಮಾಡಿ, ಜೀರಿಗೆ, ಚಕ್ಕೆ, ಲವಂಗ, ಏಲಕ್ಕಿ ಹಾಕಿ ಹುರಿದು, ಹಸಿರು ಮೆಣಸಿನಕಾಯಿ, ಆಲೂಗಡ್ಡೆ ಹಾಕಿ ಚೆನ್ನಾಗಿ ಬೇಯಿಸಿ. ನಂತರ ಅನ್ನ ಸೇರಿಸಿ ಉಪ್ಪು, ನಿಂಬೆರಸ ಹಾಕಿ ಮಿಕ್ಸ್ ಮಾಡಿ. ಕೊತ್ತಂಬರಿ ಸೊಪ್ಪು ಉದುರಿಸಿ ಬಿಸಿಯಾಗಿ ಸರ್ವ್ ಮಾಡಿ.
